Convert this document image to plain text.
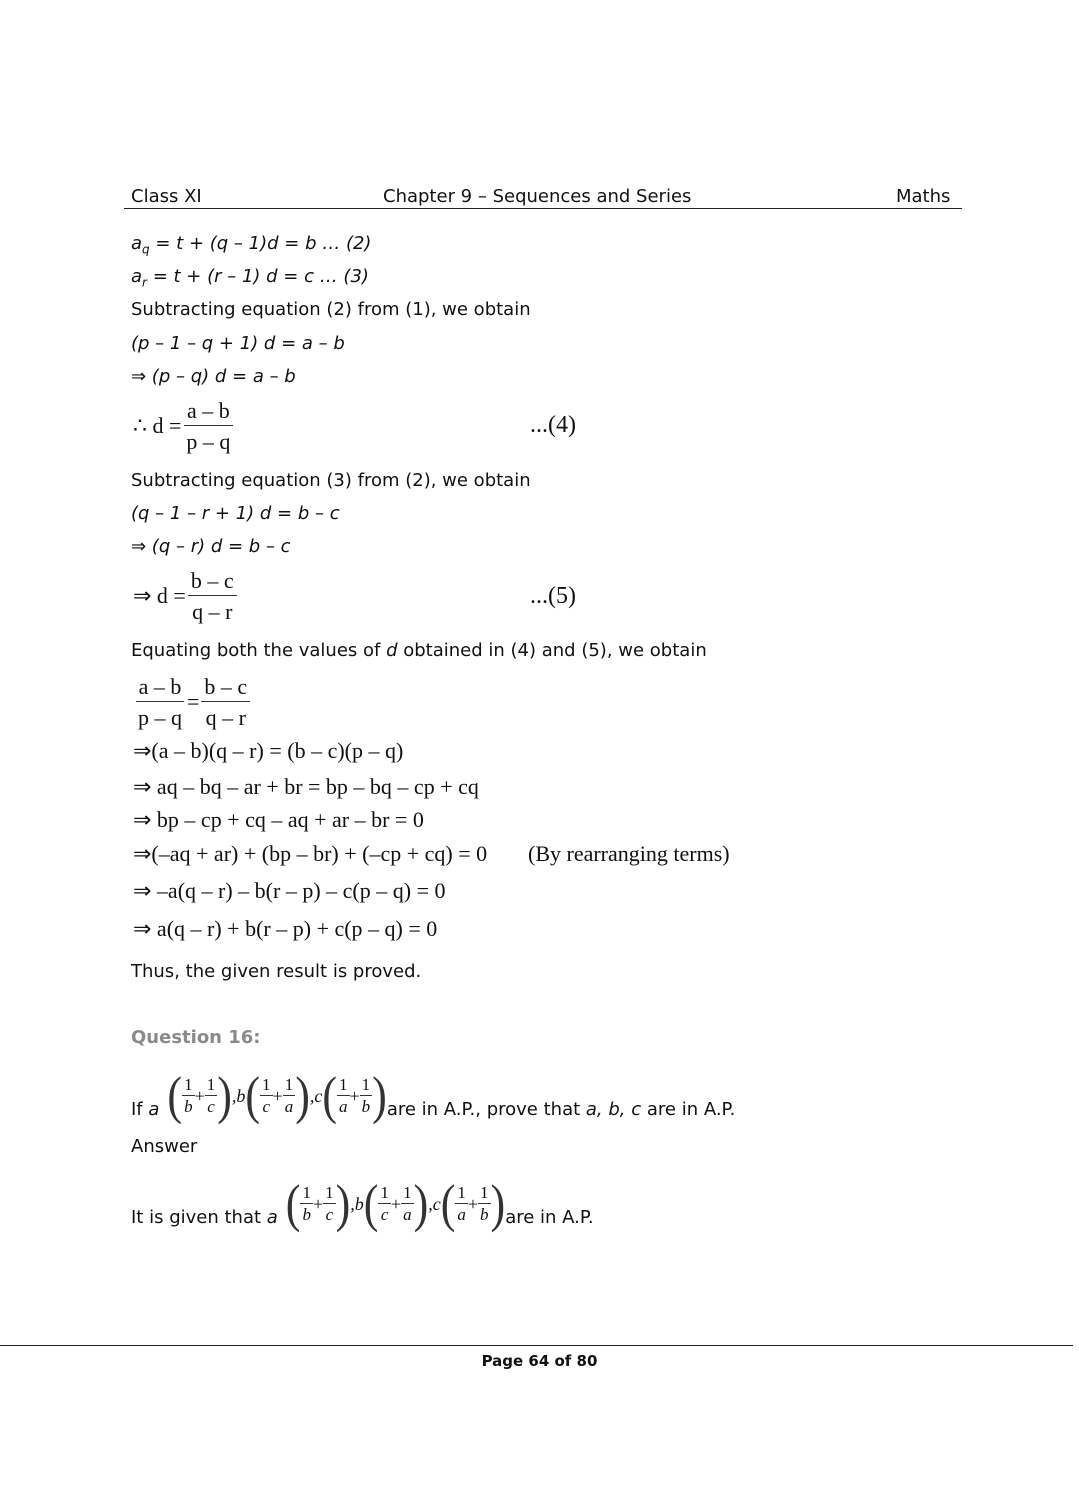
Class XI	Chapter 9 – Sequences and Series	Maths
$a_q = t + (q - 1)d = b$ … (2)
$a_r = t + (r - 1) d = c$ … (3)
Subtracting equation (2) from (1), we obtain
(p – 1 – q + 1) d = a – b
⇒ (p – q) d = a – b
∴ $d = \frac{a - b}{p - q}$	...(4)
Subtracting equation (3) from (2), we obtain
(q – 1 – r + 1) d = b – c
⇒ (q – r) d = b – c
⇒ $d = \frac{b - c}{q - r}$	...(5)
Equating both the values of d obtained in (4) and (5), we obtain
$\frac{a - b}{p - q} = \frac{b - c}{q - r}$
⇒(a – b)(q – r) = (b – c)(p – q)
⇒ aq – bq – ar + br = bp – bq – cp + cq
⇒ bp – cp + cq – aq + ar – br = 0
⇒(–aq + ar) + (bp – br) + (–cp + cq) = 0 (By rearranging terms)
⇒ –a(q – r) – b(r – p) – c(p – q) = 0
⇒ a(q – r) + b(r – p) + c(p – q) = 0
Thus, the given result is proved.
Question 16:
If a ( $\frac{1}{b} + \frac{1}{c}$ ) ,b ( $\frac{1}{c} + \frac{1}{a}$ ) ,c ( $\frac{1}{a} + \frac{1}{b}$ ) are in A.P., prove that a, b, c are in A.P.
Answer
It is given that a ( $\frac{1}{b} + \frac{1}{c}$ ) ,b ( $\frac{1}{c} + \frac{1}{a}$ ) ,c ( $\frac{1}{a} + \frac{1}{b}$ ) are in A.P.
Page 64 of 80
